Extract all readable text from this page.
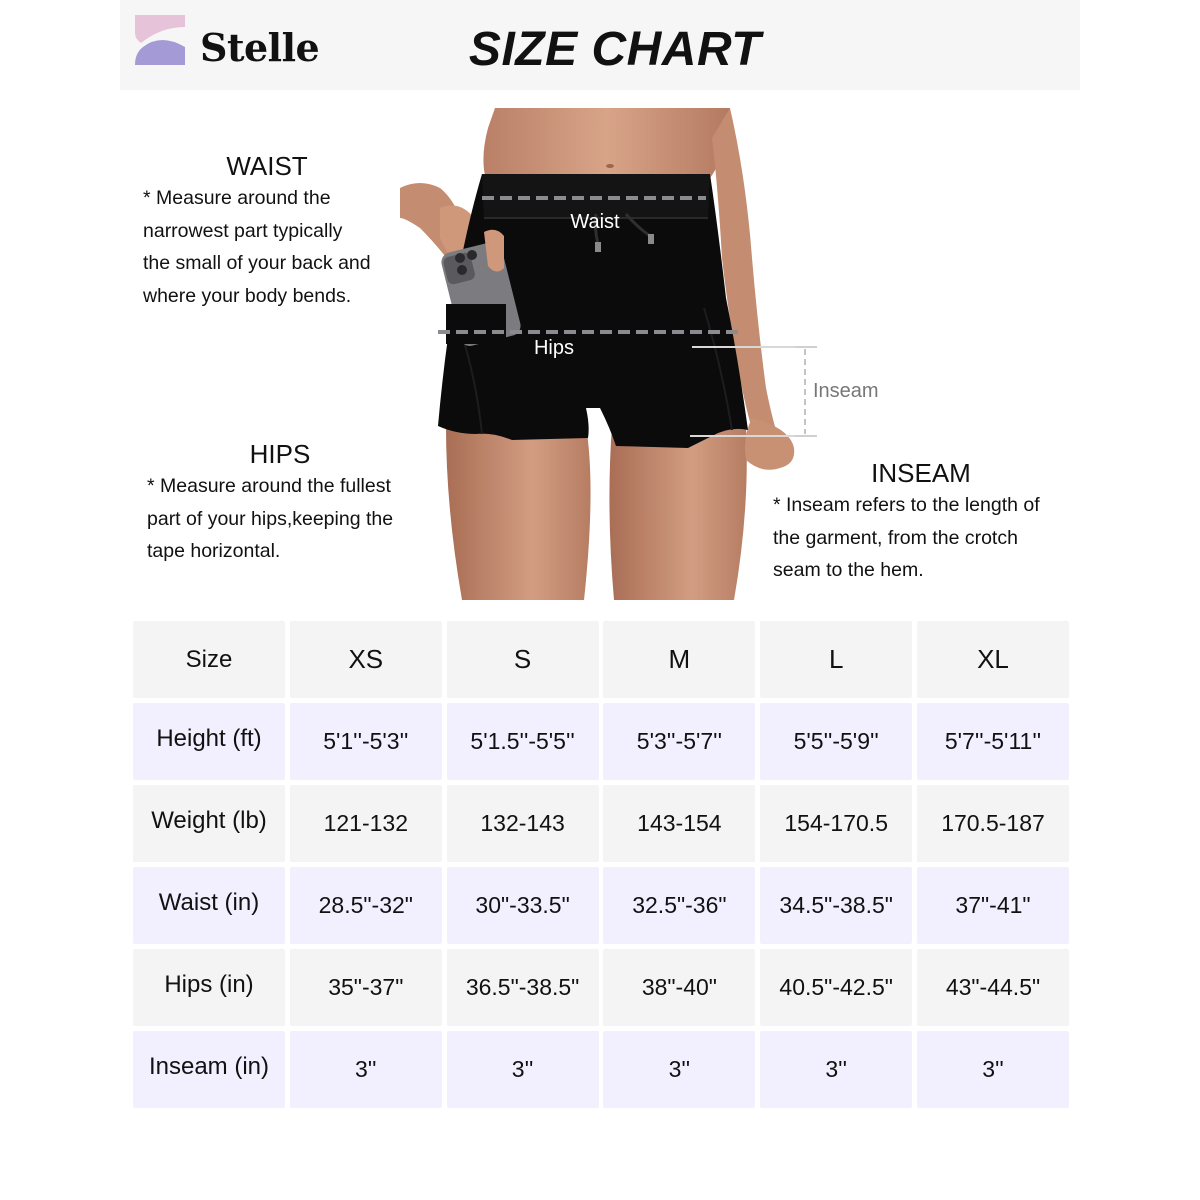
Stelle	SIZE CHART
Waist
Hips
Inseam
WAIST
* Measure around the
narrowest part typically
the small of your back and
where your body bends.
HIPS
* Measure around the fullest
part of your hips,keeping the
tape horizontal.
INSEAM
* Inseam refers to the length of
the garment, from the crotch
seam to the hem.
Size	XS	S	M	L	XL
Height (ft)	5'1''-5'3''	5'1.5''-5'5''	5'3''-5'7''	5'5''-5'9''	5'7''-5'11''
Weight (lb)	121-132	132-143	143-154	154-170.5	170.5-187
Waist (in)	28.5"-32"	30"-33.5"	32.5"-36"	34.5"-38.5"	37"-41"
Hips (in)	35"-37"	36.5"-38.5"	38"-40"	40.5"-42.5"	43"-44.5"
Inseam (in)	3''	3''	3''	3''	3''
